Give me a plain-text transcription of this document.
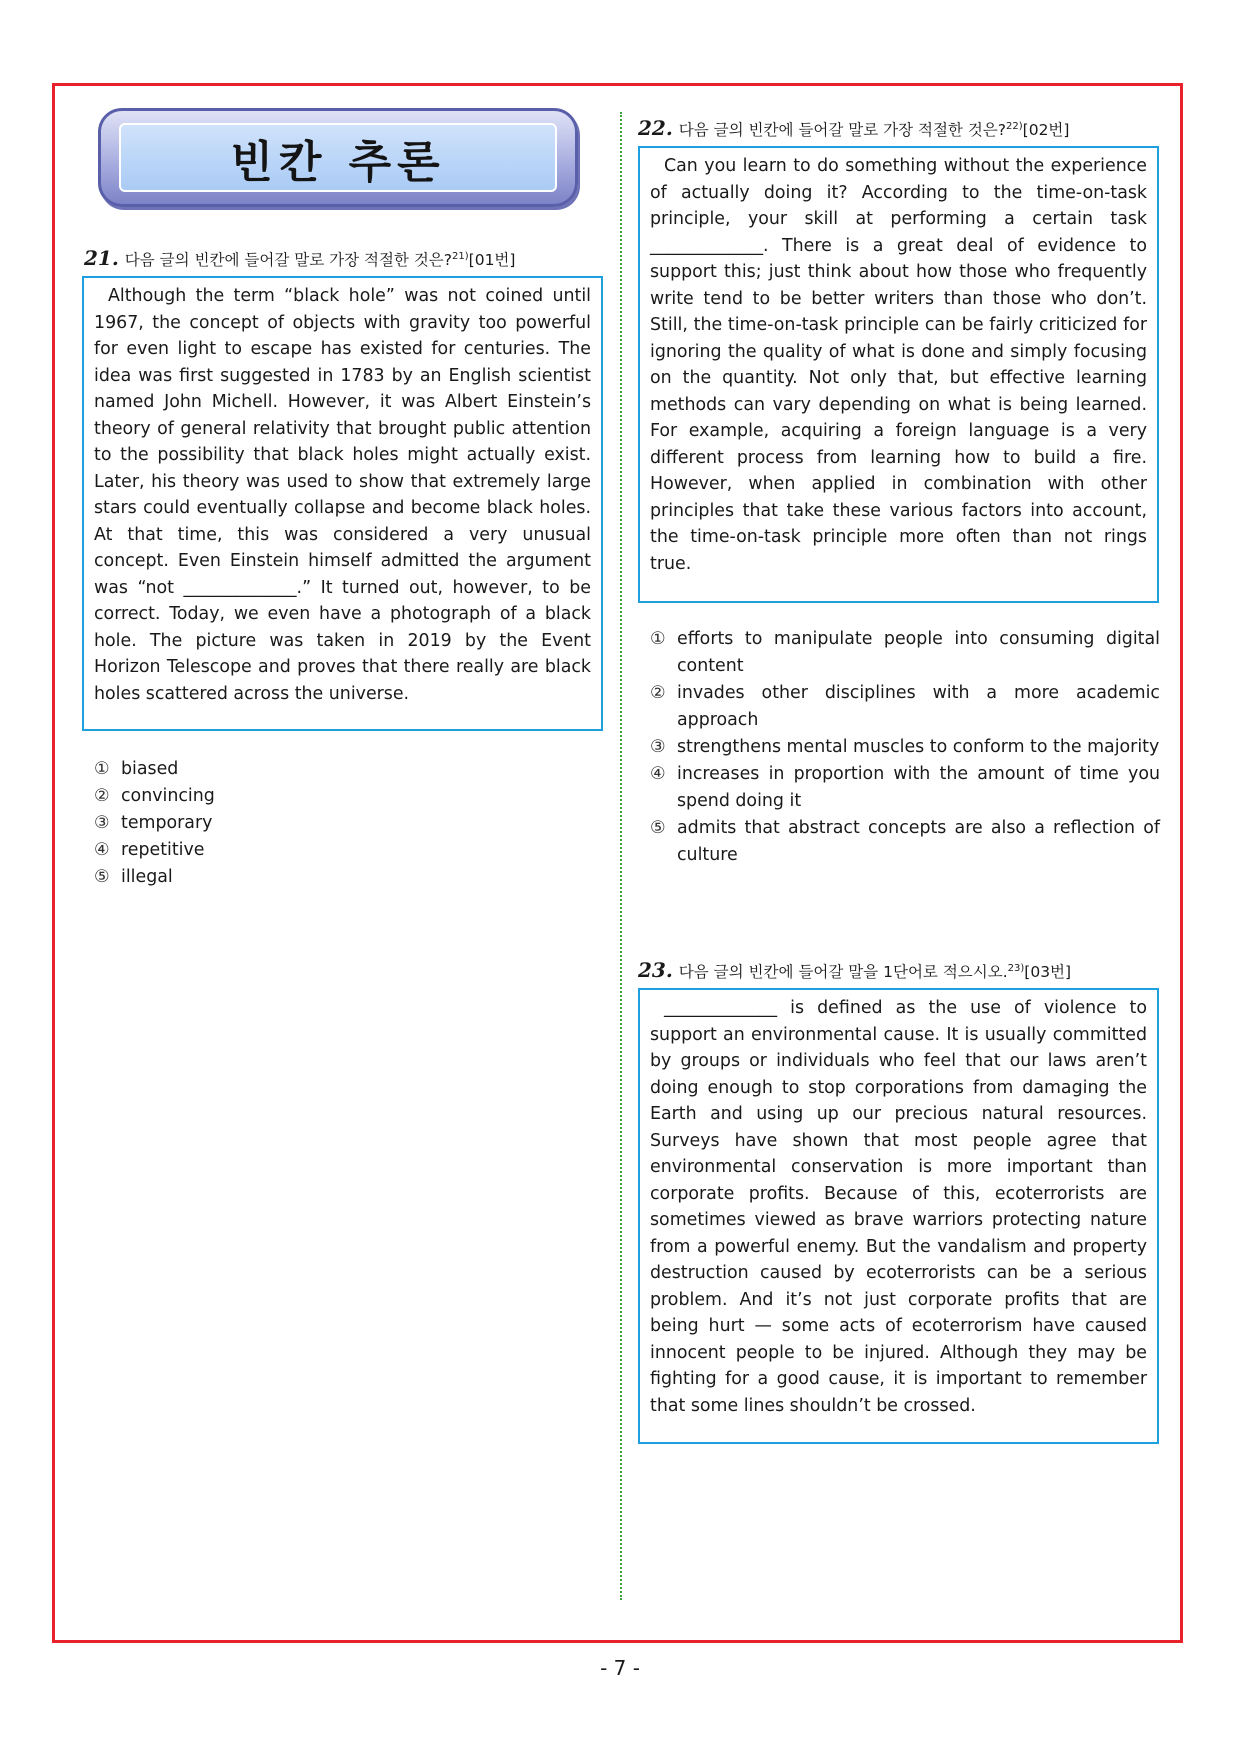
빈칸 추론
21. 다음 글의 빈칸에 들어갈 말로 가장 적절한 것은?$^{21)}$[01번]

Although the term “black hole” was not coined until 1967, the concept of objects with gravity too powerful for even light to escape has existed for centuries. The idea was first suggested in 1783 by an English scientist named John Michell. However, it was Albert Einstein’s theory of general relativity that brought public attention to the possibility that black holes might actually exist. Later, his theory was used to show that extremely large stars could eventually collapse and become black holes. At that time, this was considered a very unusual concept. Even Einstein himself admitted the argument was “not _____________.” It turned out, however, to be correct. Today, we even have a photograph of a black hole. The picture was taken in 2019 by the Event Horizon Telescope and proves that there really are black holes scattered across the universe.

① biased
② convincing
③ temporary
④ repetitive
⑤ illegal
22. 다음 글의 빈칸에 들어갈 말로 가장 적절한 것은?$^{22)}$[02번]

Can you learn to do something without the experience of actually doing it? According to the time-on-task principle, your skill at performing a certain task _____________. There is a great deal of evidence to support this; just think about how those who frequently write tend to be better writers than those who don’t. Still, the time-on-task principle can be fairly criticized for ignoring the quality of what is done and simply focusing on the quantity. Not only that, but effective learning methods can vary depending on what is being learned. For example, acquiring a foreign language is a very different process from learning how to build a fire. However, when applied in combination with other principles that take these various factors into account, the time-on-task principle more often than not rings true.

① efforts to manipulate people into consuming digital content
② invades other disciplines with a more academic approach
③ strengthens mental muscles to conform to the majority
④ increases in proportion with the amount of time you spend doing it
⑤ admits that abstract concepts are also a reflection of culture
23. 다음 글의 빈칸에 들어갈 말을 1단어로 적으시오.$^{23)}$[03번]

_____________ is defined as the use of violence to support an environmental cause. It is usually committed by groups or individuals who feel that our laws aren’t doing enough to stop corporations from damaging the Earth and using up our precious natural resources. Surveys have shown that most people agree that environmental conservation is more important than corporate profits. Because of this, ecoterrorists are sometimes viewed as brave warriors protecting nature from a powerful enemy. But the vandalism and property destruction caused by ecoterrorists can be a serious problem. And it’s not just corporate profits that are being hurt — some acts of ecoterrorism have caused innocent people to be injured. Although they may be fighting for a good cause, it is important to remember that some lines shouldn’t be crossed.

- 7 -
